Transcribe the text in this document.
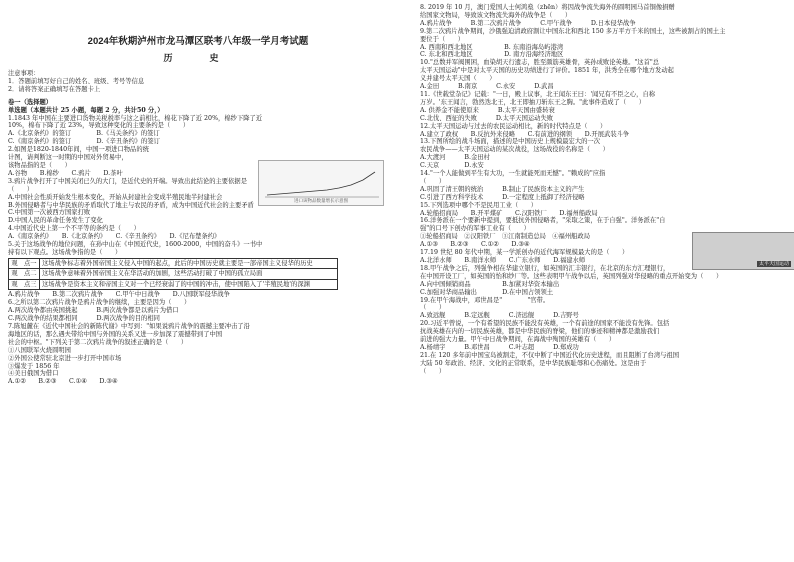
2024年秋期泸州市龙马潭区联考八年级一学月考试题
历　史
注意事项：
1．答题前填写好自己的姓名、班级、考号等信息
2．请将答案正确填写在答题卡上
卷一（选择题）
单选题（本题共计 25 小题，每题 2 分，共计50 分，）
1.1843 年中国在主要进口货物关税税率与这之前相比，棉花下降了近 20%，棉纱下降了近
10%，棉布下降了近 23%，导致这种变化的主要条约是（　　）
A.《北京条约》的签订　　　　B.《马关条约》的签订
C.《南京条约》的签订　　　　D.《辛丑条约》的签订
2.如图是1820-1840年间，中国一项进口物品的统
计图，请判断这一时期的中国对外贸易中，
该物品指的是（　　）
A.谷物　　B.棉纱　　C.鸦片　　D.茶叶
3.鸦片战争打开了中国关闭已久的大门，是近代史的开端。导致出此结论的主要依据是
（　　）
A.中国社会性质开始发生根本变化，开始从封建社会变成半殖民地半封建社会
B.外国侵略者与中华民族的矛盾取代了地主与农民的矛盾，成为中国近代社会的主要矛盾
C.中国第一次被西方国家打败
D.中国人民的革命任务发生了变化
4.中国近代史上第一个不平等的条约是（　　）
A.《南京条约》　　B.《北京条约》　　C.《辛丑条约》　　D.《尼布楚条约》
5.关于这场战争的地位问题，在孙中山在《中国近代史，1600-2000，中国的奋斗》一书中
持有以下观点。这场战争指的是（　　）
观　点一	这场战争标志着外国帝国主义侵入中国的起点，此后的中国历史就主要是一部帝国主义侵华的历史
观　点二	这场战争意味着外国帝国主义在华活动的加剧，这些活动打破了中国的孤立局面
观　点三	这场战争是资本主义和帝国主义对一个已经衰弱了的中国的冲击，使中国陷入了'半殖民地'的深渊
A.鸦片战争　　B.第二次鸦片战争　　C.甲午中日战争　　D.八国联军侵华战争
6.之所以第二次鸦片战争是鸦片战争的继续，主要是因为（　　）
A.两次战争都由英国挑起　　　B.两次战争都是以鸦片为借口
C.两次战争的结果都相同　　　D.两次战争的目的相同
7.陈旭麓在《近代中国社会的新陈代谢》中写到："如果说鸦片战争的震撼主要冲击了沿
海地区的话，那么遇夫带给中国与外国的关系又进一步加深了震撼带到了中国
社会的中枢。"下列关于第二次鸦片战争的叙述正确的是（　　）
①八国联军火烧圆明园
②外国公使常驻北京进一步打开中国市场
③爆发于 1856 年
④美日俄国为借口
A.①②　　B.②③　　C.①④　　D.③④
进口该物品数量增长示意图
8. 2019 年 10 月，澳门爱国人士何鸿燊（zhēn）将因战争流失海外的圆明园马首铜像捐赠
给国家文物局，导致该文物流失海外的战争是（　　）
A.鸦片战争　　　B.第二次鸦片战争　　　C.甲午战争　　　D.日本侵华战争
9.第二次鸦片战争期间，沙俄强迫清政府割让中国东北和西北 150 多万平方千米的国土，这些被割占的国土主
要位于（　　）
A. 西南和西北地区　　　　　B. 东南沿海岛屿港湾
C. 东北和西北地区　　　　　D. 南方沿海经济地区
10."总数并军阀围困，血染胡天行遗志，胜至颜筋英雄骨，英孙成败论英雄。"这首"总
太平天国运动"中是对太平天国的历史功绩进行了评价。1851 年，洪秀全在哪个地方发动起
义并建号太平天国（　　）
A.金田　　　B.南京　　　C.永安　　　D.武昌
11.《世载堂杂记》记载："一日，殿上议事，北王闻东王曰：'闻兄有不臣之心，自称
万岁。'东王闻言，勃然迭北王，北王即抽刀斩东王之胸。"此事件造成了（　　）
A. 供养金不能使原来　　　B.太平天国由盛转衰
C.北伐、西征的失败　　　D.太平天国运动失败
12.太平天国运动与过去的农民运动相比，新的时代特点是（　　）
A.建立了政权　　B.反抗外来侵略　　C.有前进的纲领　　D.开展武装斗争
13.下图所绘的战斗场面，描述的是中国历史上规模最宏大的一次
农民战争——太平天国运动的某次战役，这场战役的名称是（　　）
A.大渡河　　　B.金田村
C.天京　　　　D.永安
14."一个人能做到平生有大功，一生就能死而无憾"。"赖成的"应指
（　　）
A.巩固了清王朝的统治　　　B.制止了民族资本主义的产生
C.引进了西方科学技术　　　D.一定程度上抵御了经济侵略
15.下列选项中哪个不是民用工业（　　）
A.轮船招商局　　B.开平煤矿　　C.汉阳铁厂　　D.福州船政局
16.洋务派在一个要新中提到，要抵抗外国侵略者，"采取之策，在于自强"。洋务派在"自
强"的口号下创办的军事工业有（　　）
①轮船招商局　②汉阳铁厂　③江南制造总局　④福州船政局
A.①③　　B.②③　　C.①②　　D.③④
17.19 世纪 80 年代中期，某一学派创办的近代海军规模最大的是（　　）
A.北洋水师　　B.南洋水师　　C.广东水师　　D.福建水师
18.甲午战争之后，列强争相在华建立银行，如英国的汇丰银行，在北京的东方汇理银行，
在中国开设工厂，如英国的怡和纱厂等。这些表明甲午战争以后，英国列强对华侵略的重点开始变为（　　）
A.向中国倾销商品　　　　　B.加紧对华资本输出
C.加强对华商品输出　　　　D.在中国占领领土
19.在甲午海战中，邓世昌是"　　　　"官带。
（　　）
A.致远舰　　　B.定远舰　　　C.济远舰　　　D.吉野号
20.习近平曾说，一个有希望的民族不能没有英雄，一个有前途的国家不能没有先锋。包括
抗战英雄在内的一切民族英雄，都是中华民族的脊梁，他们的事迹和精神都是激励我们
前进的强大力量。甲午中日战争期间，在海战中殉国的英雄有（　　）
A.杨靖宇　　　B.邓世昌　　　C.叶志超　　　D.郑成功
21.在 120 多年前中国宝岛被割走，不仅中断了中国近代化历史进程，而且阻断了台湾与祖国
大陆 50 年政治、经济、文化的正常联系，是中华民族耻辱和心伤痛处。这是由于
（　　）
太平天国运动
